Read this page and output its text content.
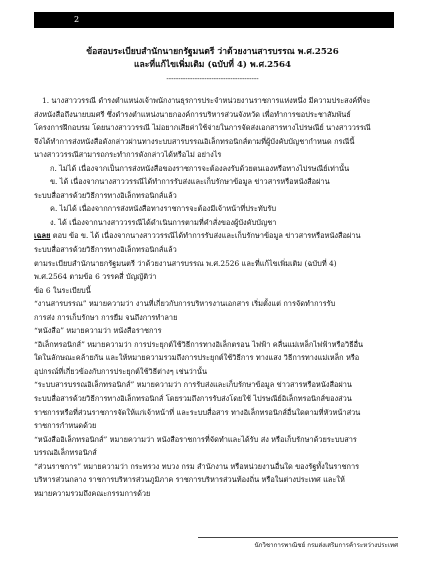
2
ข้อสอบระเบียบสำนักนายกรัฐมนตรี ว่าด้วยงานสารบรรณ พ.ศ.2526
และที่แก้ไขเพิ่มเติม (ฉบับที่ 4) พ.ศ.2564
---------------------------------------
1. นางสาววรรณี ดำรงตำแหน่งเจ้าพนักงานธุรการประจำหน่วยงานราชการแห่งหนึ่ง มีความประสงค์ที่จะ
ส่งหนังสือถึงนายบมศรี ซึ่งดำรงตำแหน่งนายกองค์การบริหารส่วนจังหวัด เพื่อทำการขอประชาสัมพันธ์
โครงการฝึกอบรม โดยนางสาววรรณี ไม่อยากเสียค่าใช้จ่ายในการจัดส่งเอกสารทางไปรษณีย์ นางสาววรรณี
จึงได้ทำการส่งหนังสือดังกล่าวผ่านทางระบบสารบรรณอิเล็กทรอนิกส์ตามที่ผู้บังคับบัญชากำหนด กรณีนี้
นางสาววรรณีสามารถกระทำการดังกล่าวได้หรือไม่ อย่างไร
ก. ไม่ได้ เนื่องจากเป็นการส่งหนังสือของราชการจะต้องลงรับด้วยตนเองหรือทางไปรษณีย์เท่านั้น
ข. ได้ เนื่องจากนางสาววรรณีได้ทำการรับส่งและเก็บรักษาข้อมูล ข่าวสารหรือหนังสือผ่าน
ระบบสื่อสารด้วยวิธีการทางอิเล็กทรอนิกส์แล้ว
ค. ไม่ได้ เนื่องจากการส่งหนังสือทางราชการจะต้องมีเจ้าหน้าที่ประทับรับ
ง. ได้ เนื่องจากนางสาววรรณีได้ดำเนินการตามที่คำสั่งของผู้บังคับบัญชา
เฉลย ตอบ ข้อ ข. ได้ เนื่องจากนางสาววรรณีได้ทำการรับส่งและเก็บรักษาข้อมูล ข่าวสารหรือหนังสือผ่าน
ระบบสื่อสารด้วยวิธีการทางอิเล็กทรอนิกส์แล้ว
ตามระเบียบสำนักนายกรัฐมนตรี ว่าด้วยงานสารบรรณ พ.ศ.2526 และที่แก้ไขเพิ่มเติม (ฉบับที่ 4)
พ.ศ.2564 ตามข้อ 6 วรรคสี่ บัญญัติว่า
ข้อ 6 ในระเบียบนี้
“งานสารบรรณ” หมายความว่า งานที่เกี่ยวกับการบริหารงานเอกสาร เริ่มตั้งแต่ การจัดทำการรับ
การส่ง การเก็บรักษา การยืม จนถึงการทำลาย
“หนังสือ” หมายความว่า หนังสือราชการ
“อิเล็กทรอนิกส์” หมายความว่า การประยุกต์ใช้วิธีการทางอิเล็กตรอน ไฟฟ้า คลื่นแม่เหล็กไฟฟ้าหรือวิธีอื่น
ใดในลักษณะคล้ายกัน และให้หมายความรวมถึงการประยุกต์ใช้วิธีการ ทางแสง วิธีการทางแม่เหล็ก หรือ
อุปกรณ์ที่เกี่ยวข้องกับการประยุกต์ใช้วิธีต่างๆ เช่นว่านั้น
“ระบบสารบรรณอิเล็กทรอนิกส์” หมายความว่า การรับส่งและเก็บรักษาข้อมูล ข่าวสารหรือหนังสือผ่าน
ระบบสื่อสารด้วยวิธีการทางอิเล็กทรอนิกส์ โดยรวมถึงการรับส่งโดยใช้ ไปรษณีย์อิเล็กทรอนิกส์ของส่วน
ราชการหรือที่ส่วนราชการจัดให้แก่เจ้าหน้าที่ และระบบสื่อสาร ทางอิเล็กทรอนิกส์อื่นใดตามที่หัวหน้าส่วน
ราชการกำหนดด้วย
“หนังสืออิเล็กทรอนิกส์” หมายความว่า หนังสือราชการที่จัดทำและได้รับ ส่ง หรือเก็บรักษาด้วยระบบสาร
บรรณอิเล็กทรอนิกส์
“ส่วนราชการ” หมายความว่า กระทรวง ทบวง กรม สำนักงาน หรือหน่วยงานอื่นใด ของรัฐทั้งในราชการ
บริหารส่วนกลาง ราชการบริหารส่วนภูมิภาค ราชการบริหารส่วนท้องถิ่น หรือในต่างประเทศ และให้
หมายความรวมถึงคณะกรรมการด้วย
นักวิชาการพาณิชย์ กรมส่งเสริมการค้าระหว่างประเทศ
